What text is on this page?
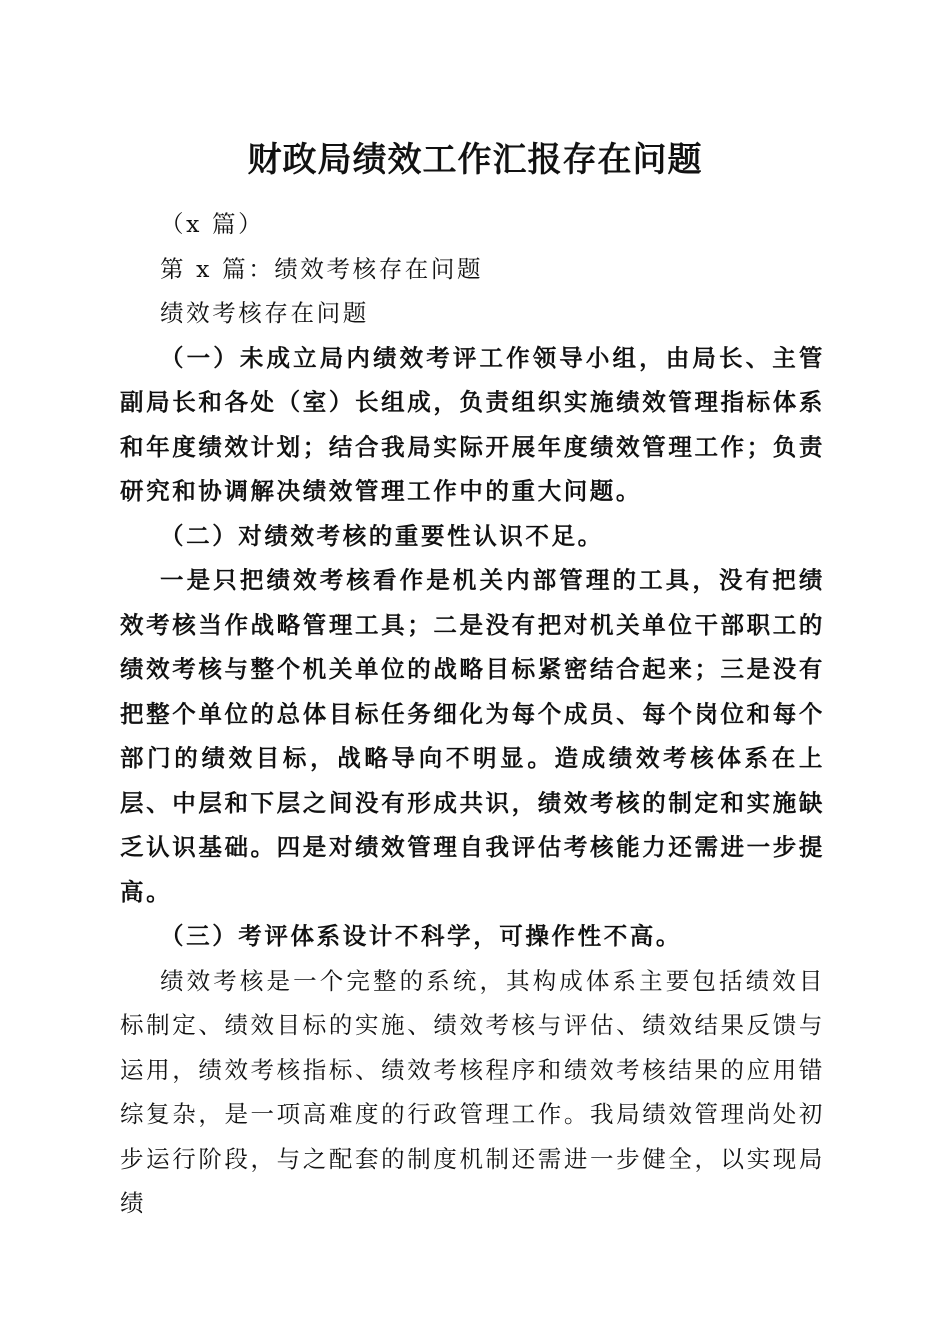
财政局绩效工作汇报存在问题

（x 篇）

第 x 篇：绩效考核存在问题

绩效考核存在问题

（一）未成立局内绩效考评工作领导小组，由局长、主管副局长和各处（室）长组成，负责组织实施绩效管理指标体系和年度绩效计划；结合我局实际开展年度绩效管理工作；负责研究和协调解决绩效管理工作中的重大问题。

（二）对绩效考核的重要性认识不足。

一是只把绩效考核看作是机关内部管理的工具，没有把绩效考核当作战略管理工具；二是没有把对机关单位干部职工的绩效考核与整个机关单位的战略目标紧密结合起来；三是没有把整个单位的总体目标任务细化为每个成员、每个岗位和每个部门的绩效目标，战略导向不明显。造成绩效考核体系在上层、中层和下层之间没有形成共识，绩效考核的制定和实施缺乏认识基础。四是对绩效管理自我评估考核能力还需进一步提高。

（三）考评体系设计不科学，可操作性不高。

绩效考核是一个完整的系统，其构成体系主要包括绩效目标制定、绩效目标的实施、绩效考核与评估、绩效结果反馈与运用，绩效考核指标、绩效考核程序和绩效考核结果的应用错综复杂，是一项高难度的行政管理工作。我局绩效管理尚处初步运行阶段，与之配套的制度机制还需进一步健全，以实现局绩
